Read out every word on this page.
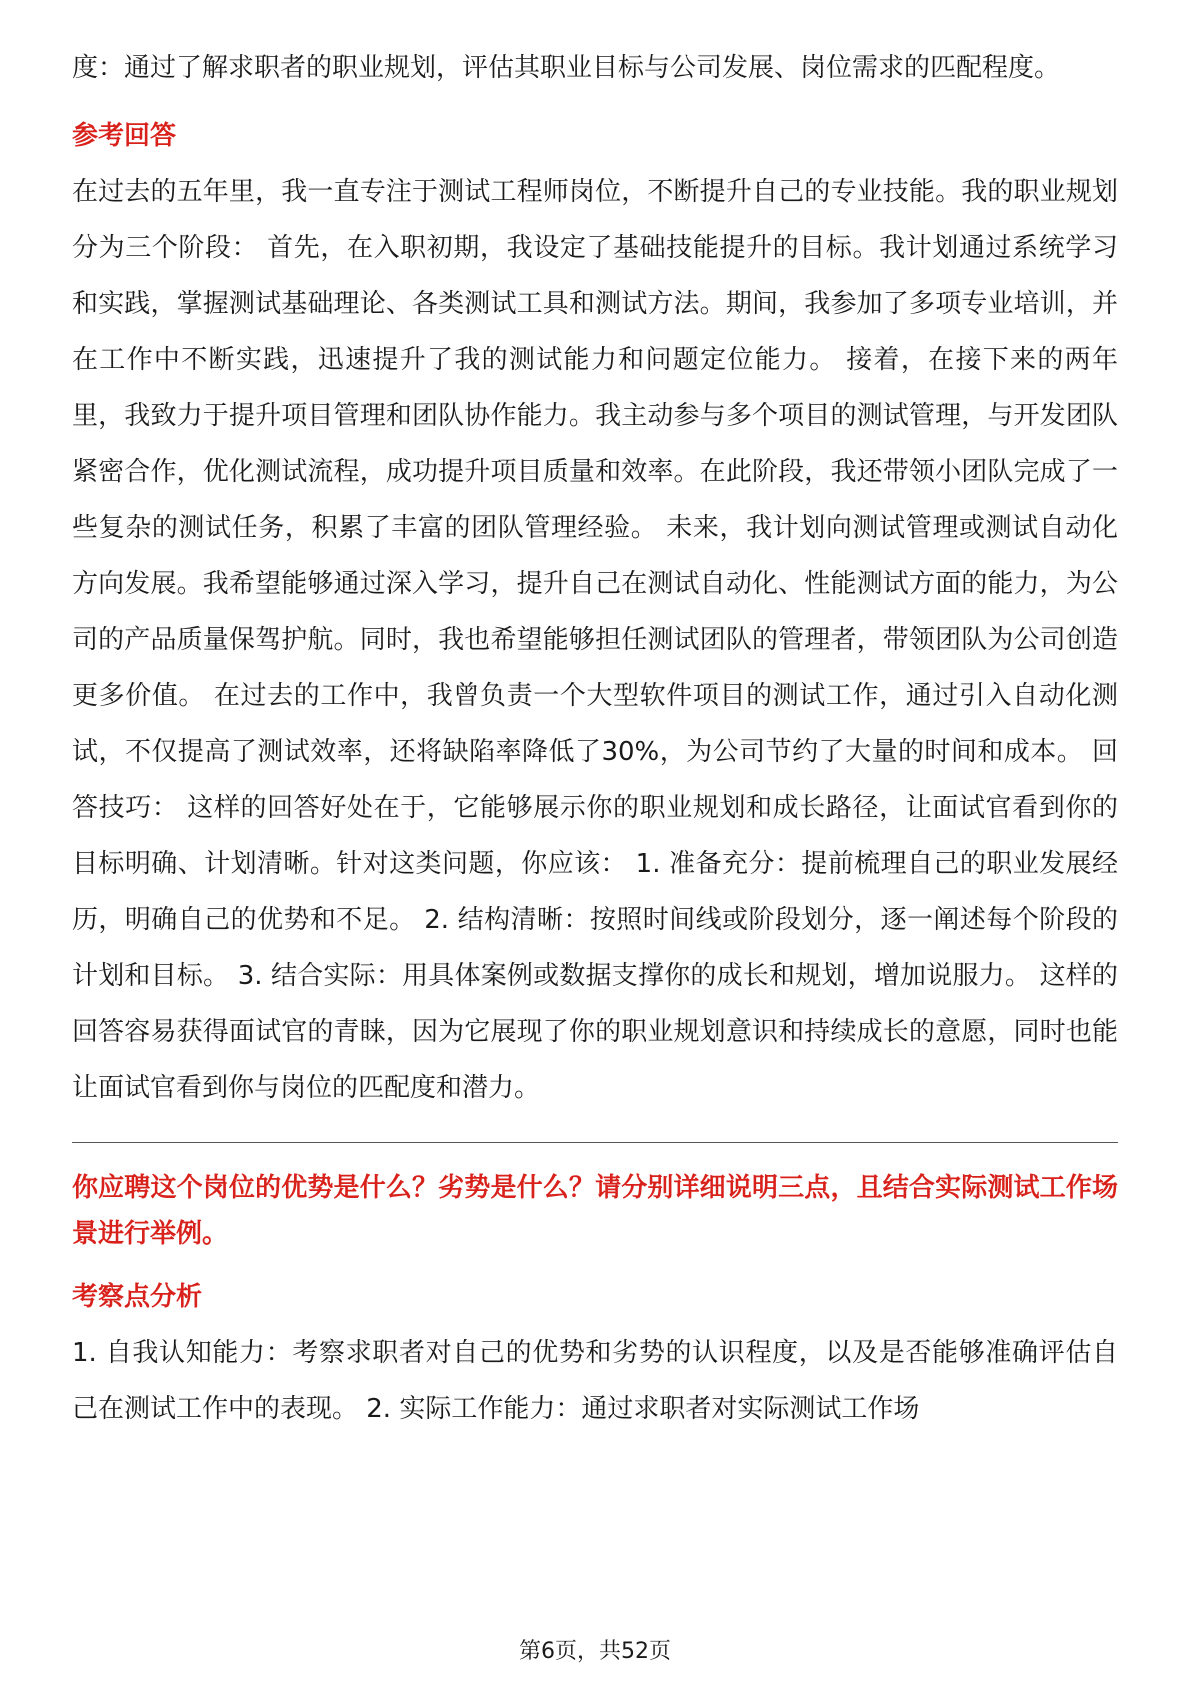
度：通过了解求职者的职业规划，评估其职业目标与公司发展、岗位需求的匹配程度。

参考回答

在过去的五年里，我一直专注于测试工程师岗位，不断提升自己的专业技能。我的职业规划分为三个阶段： 首先，在入职初期，我设定了基础技能提升的目标。我计划通过系统学习和实践，掌握测试基础理论、各类测试工具和测试方法。期间，我参加了多项专业培训，并在工作中不断实践，迅速提升了我的测试能力和问题定位能力。 接着，在接下来的两年里，我致力于提升项目管理和团队协作能力。我主动参与多个项目的测试管理，与开发团队紧密合作，优化测试流程，成功提升项目质量和效率。在此阶段，我还带领小团队完成了一些复杂的测试任务，积累了丰富的团队管理经验。 未来，我计划向测试管理或测试自动化方向发展。我希望能够通过深入学习，提升自己在测试自动化、性能测试方面的能力，为公司的产品质量保驾护航。同时，我也希望能够担任测试团队的管理者，带领团队为公司创造更多价值。 在过去的工作中，我曾负责一个大型软件项目的测试工作，通过引入自动化测试，不仅提高了测试效率，还将缺陷率降低了30%，为公司节约了大量的时间和成本。 回答技巧： 这样的回答好处在于，它能够展示你的职业规划和成长路径，让面试官看到你的目标明确、计划清晰。针对这类问题，你应该： 1. 准备充分：提前梳理自己的职业发展经历，明确自己的优势和不足。 2. 结构清晰：按照时间线或阶段划分，逐一阐述每个阶段的计划和目标。 3. 结合实际：用具体案例或数据支撑你的成长和规划，增加说服力。 这样的回答容易获得面试官的青睐，因为它展现了你的职业规划意识和持续成长的意愿，同时也能让面试官看到你与岗位的匹配度和潜力。

你应聘这个岗位的优势是什么？劣势是什么？请分别详细说明三点，且结合实际测试工作场景进行举例。
考察点分析

1. 自我认知能力：考察求职者对自己的优势和劣势的认识程度，以及是否能够准确评估自己在测试工作中的表现。 2. 实际工作能力：通过求职者对实际测试工作场

第6页，共52页
